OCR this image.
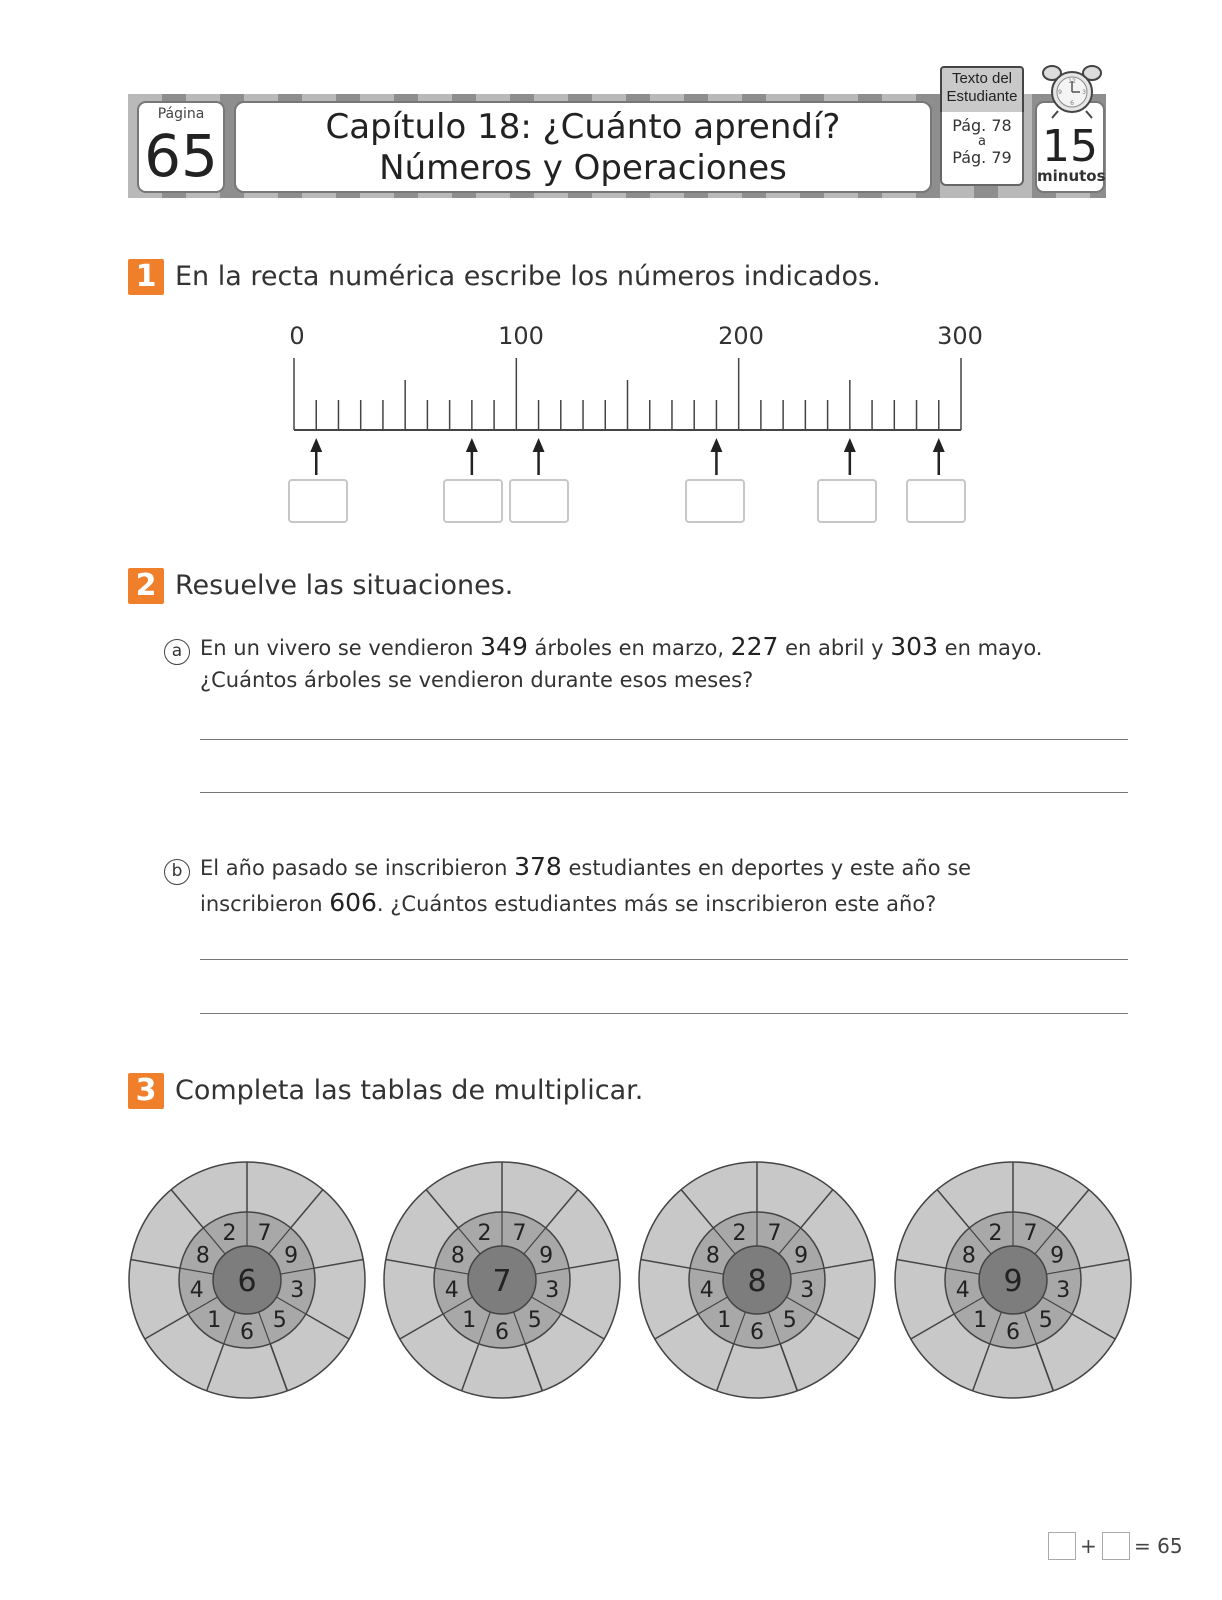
Página
65	Capítulo 18: ¿Cuánto aprendí?
Números y Operaciones
Texto del
Estudiante
Pág. 78
a
Pág. 79 15
minutos
12
3
6
9
1 En la recta numérica escribe los números indicados.
0	100	200	300
2 Resuelve las situaciones.
a En un vivero se vendieron 349 árboles en marzo, 227 en abril y 303 en mayo.
¿Cuántos árboles se vendieron durante esos meses?
b El año pasado se inscribieron 378 estudiantes en deportes y este año se
inscribieron 606. ¿Cuántos estudiantes más se inscribieron este año?
3 Completa las tablas de multiplicar.
6
7
9
3
5
6
1
4
8
2
7
7
9
3
5
6
1
4
8
2
8
7
9
3
5
6
1
4
8
2
9
7
9
3
5
6
1
4
8
2
+ = 65
